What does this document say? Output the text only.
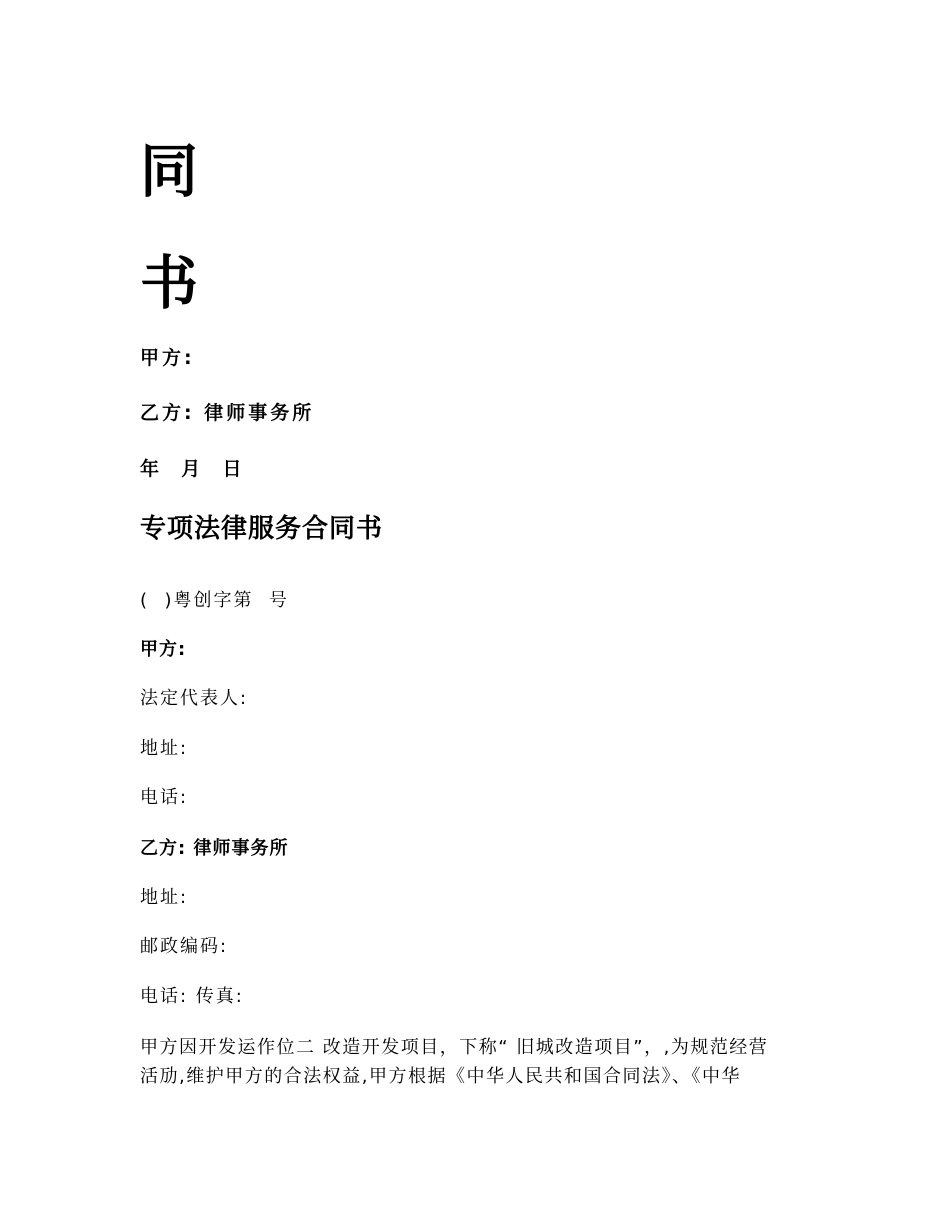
同
书
甲方:
乙方: 律师事务所
年  月  日
专项法律服务合同书
(  )粤创字第  号
甲方:
法定代表人:
地址:
电话:
乙方: 律师事务所
地址:
邮政编码:
电话: 传真:
甲方因开发运作位二 改造开发项目，下称“ 旧城改造项目”，,为规范经营
活劢,维护甲方的合法权益,甲方根据《中华人民共和国合同法》、《中华
